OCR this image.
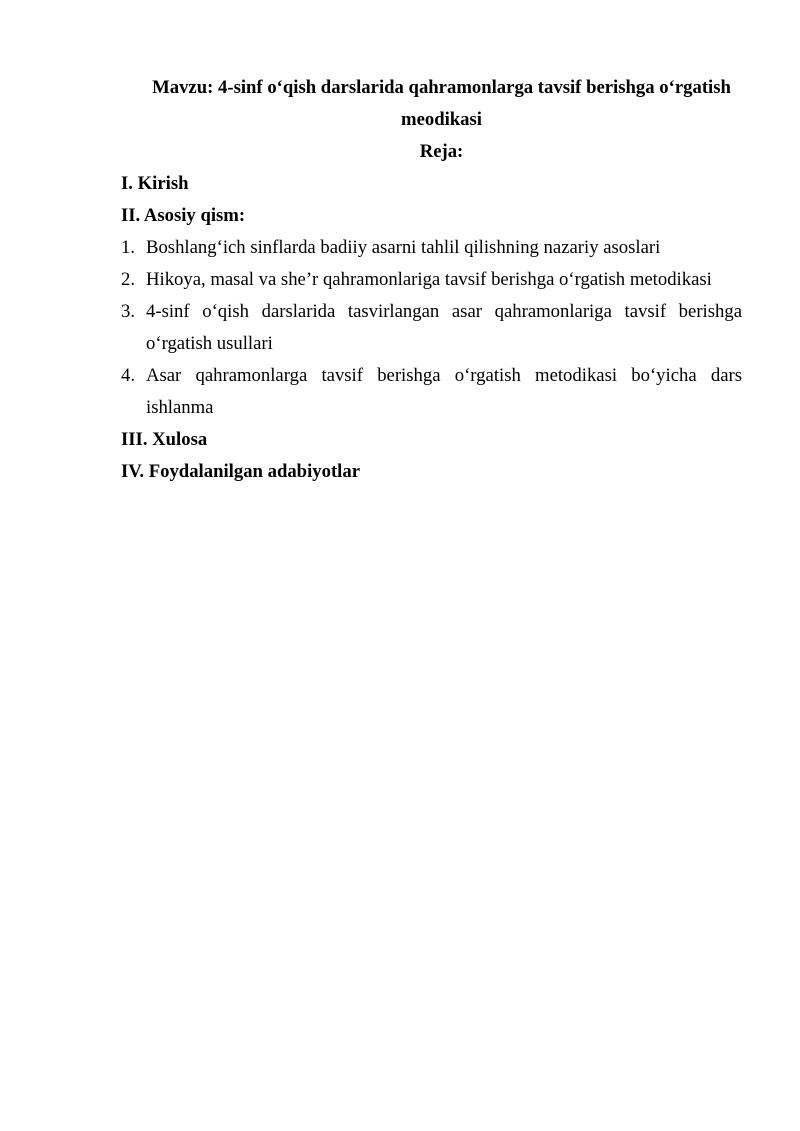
Mavzu: 4-sinf o‘qish darslarida qahramonlarga tavsif berishga o‘rgatish
meodikasi
Reja:

I. Kirish

II. Asosiy qism:

1. Boshlang‘ich sinflarda badiiy asarni tahlil qilishning nazariy asoslari
2. Hikoya, masal va she’r qahramonlariga tavsif berishga o‘rgatish metodikasi
3. 4-sinf o‘qish darslarida tasvirlangan asar qahramonlariga tavsif berishga
o‘rgatish usullari
4. Asar qahramonlarga tavsif berishga o‘rgatish metodikasi bo‘yicha dars
ishlanma

III. Xulosa

IV. Foydalanilgan adabiyotlar
